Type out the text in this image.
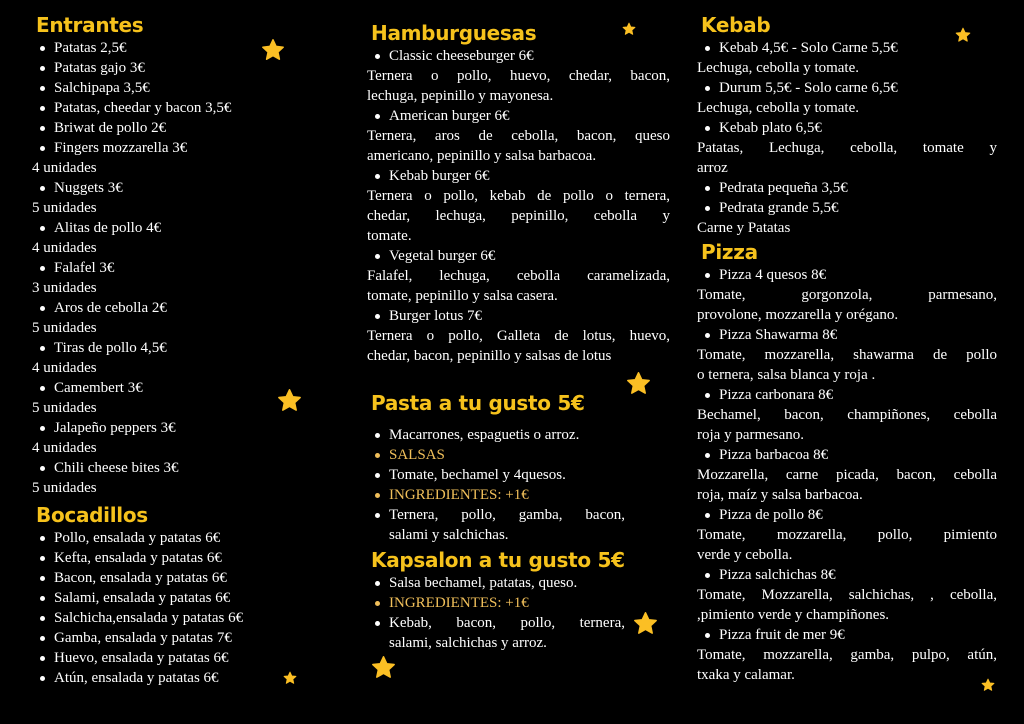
Entrantes
Patatas 2,5€
Patatas gajo 3€
Salchipapa 3,5€
Patatas, cheedar y bacon 3,5€
Briwat de pollo 2€
Fingers mozzarella 3€
4 unidades
Nuggets 3€
5 unidades
Alitas de pollo 4€
4 unidades
Falafel 3€
3 unidades
Aros de cebolla 2€
5 unidades
Tiras de pollo 4,5€
4 unidades
Camembert 3€
5 unidades
Jalapeño peppers 3€
4 unidades
Chili cheese bites 3€
5 unidades
Bocadillos
Pollo, ensalada y patatas 6€
Kefta, ensalada y patatas 6€
Bacon, ensalada y patatas 6€
Salami, ensalada y patatas 6€
Salchicha,ensalada y patatas 6€
Gamba, ensalada y patatas 7€
Huevo, ensalada y patatas 6€
Atún, ensalada y patatas 6€
Hamburguesas
Classic cheeseburger 6€
Ternera o pollo, huevo, chedar, bacon,
lechuga, pepinillo y mayonesa.
American burger 6€
Ternera, aros de cebolla, bacon, queso
americano, pepinillo y salsa barbacoa.
Kebab burger 6€
Ternera o pollo, kebab de pollo o ternera,
chedar, lechuga, pepinillo, cebolla y
tomate.
Vegetal burger 6€
Falafel, lechuga, cebolla caramelizada,
tomate, pepinillo y salsa casera.
Burger lotus 7€
Ternera o pollo, Galleta de lotus, huevo,
chedar, bacon, pepinillo y salsas de lotus
Pasta a tu gusto 5€
Macarrones, espaguetis o arroz.
SALSAS
Tomate, bechamel y 4quesos.
INGREDIENTES: +1€
Ternera, pollo, gamba, bacon,
salami y salchichas.
Kapsalon a tu gusto 5€
Salsa bechamel, patatas, queso.
INGREDIENTES: +1€
Kebab, bacon, pollo, ternera,
salami, salchichas y arroz.
Kebab
Kebab 4,5€ - Solo Carne 5,5€
Lechuga, cebolla y tomate.
Durum 5,5€ - Solo carne 6,5€
Lechuga, cebolla y tomate.
Kebab plato 6,5€
Patatas, Lechuga, cebolla, tomate y
arroz
Pedrata pequeña 3,5€
Pedrata grande 5,5€
Carne y Patatas
Pizza
Pizza 4 quesos 8€
Tomate, gorgonzola, parmesano,
provolone, mozzarella y orégano.
Pizza Shawarma 8€
Tomate, mozzarella, shawarma de pollo
o ternera, salsa blanca y roja .
Pizza carbonara 8€
Bechamel, bacon, champiñones, cebolla
roja y parmesano.
Pizza barbacoa 8€
Mozzarella, carne picada, bacon, cebolla
roja, maíz y salsa barbacoa.
Pizza de pollo 8€
Tomate, mozzarella, pollo, pimiento
verde y cebolla.
Pizza salchichas 8€
Tomate, Mozzarella, salchichas, , cebolla,
,pimiento verde y champiñones.
Pizza fruit de mer 9€
Tomate, mozzarella, gamba, pulpo, atún,
txaka y calamar.
